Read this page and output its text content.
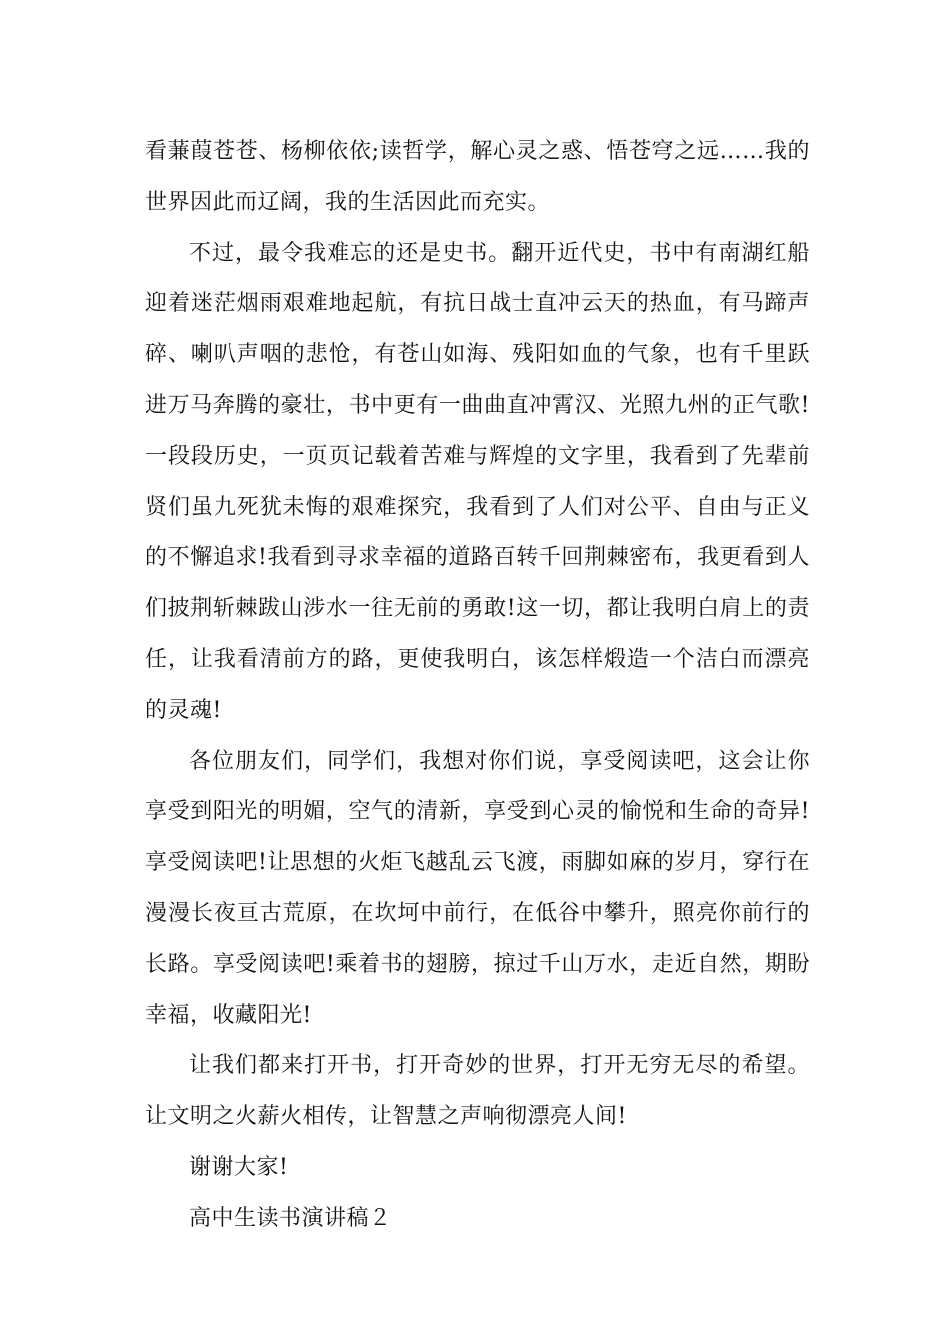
看蒹葭苍苍、杨柳依依;读哲学，解心灵之惑、悟苍穹之远……我的
世界因此而辽阔，我的生活因此而充实。
不过，最令我难忘的还是史书。翻开近代史，书中有南湖红船
迎着迷茫烟雨艰难地起航，有抗日战士直冲云天的热血，有马蹄声
碎、喇叭声咽的悲怆，有苍山如海、残阳如血的气象，也有千里跃
进万马奔腾的豪壮，书中更有一曲曲直冲霄汉、光照九州的正气歌!
一段段历史，一页页记载着苦难与辉煌的文字里，我看到了先辈前
贤们虽九死犹未悔的艰难探究，我看到了人们对公平、自由与正义
的不懈追求!我看到寻求幸福的道路百转千回荆棘密布，我更看到人
们披荆斩棘跋山涉水一往无前的勇敢!这一切，都让我明白肩上的责
任，让我看清前方的路，更使我明白，该怎样煅造一个洁白而漂亮
的灵魂!
各位朋友们，同学们，我想对你们说，享受阅读吧，这会让你
享受到阳光的明媚，空气的清新，享受到心灵的愉悦和生命的奇异!
享受阅读吧!让思想的火炬飞越乱云飞渡，雨脚如麻的岁月，穿行在
漫漫长夜亘古荒原，在坎坷中前行，在低谷中攀升，照亮你前行的
长路。享受阅读吧!乘着书的翅膀，掠过千山万水，走近自然，期盼
幸福，收藏阳光!
让我们都来打开书，打开奇妙的世界，打开无穷无尽的希望。
让文明之火薪火相传，让智慧之声响彻漂亮人间!
谢谢大家!
高中生读书演讲稿２
